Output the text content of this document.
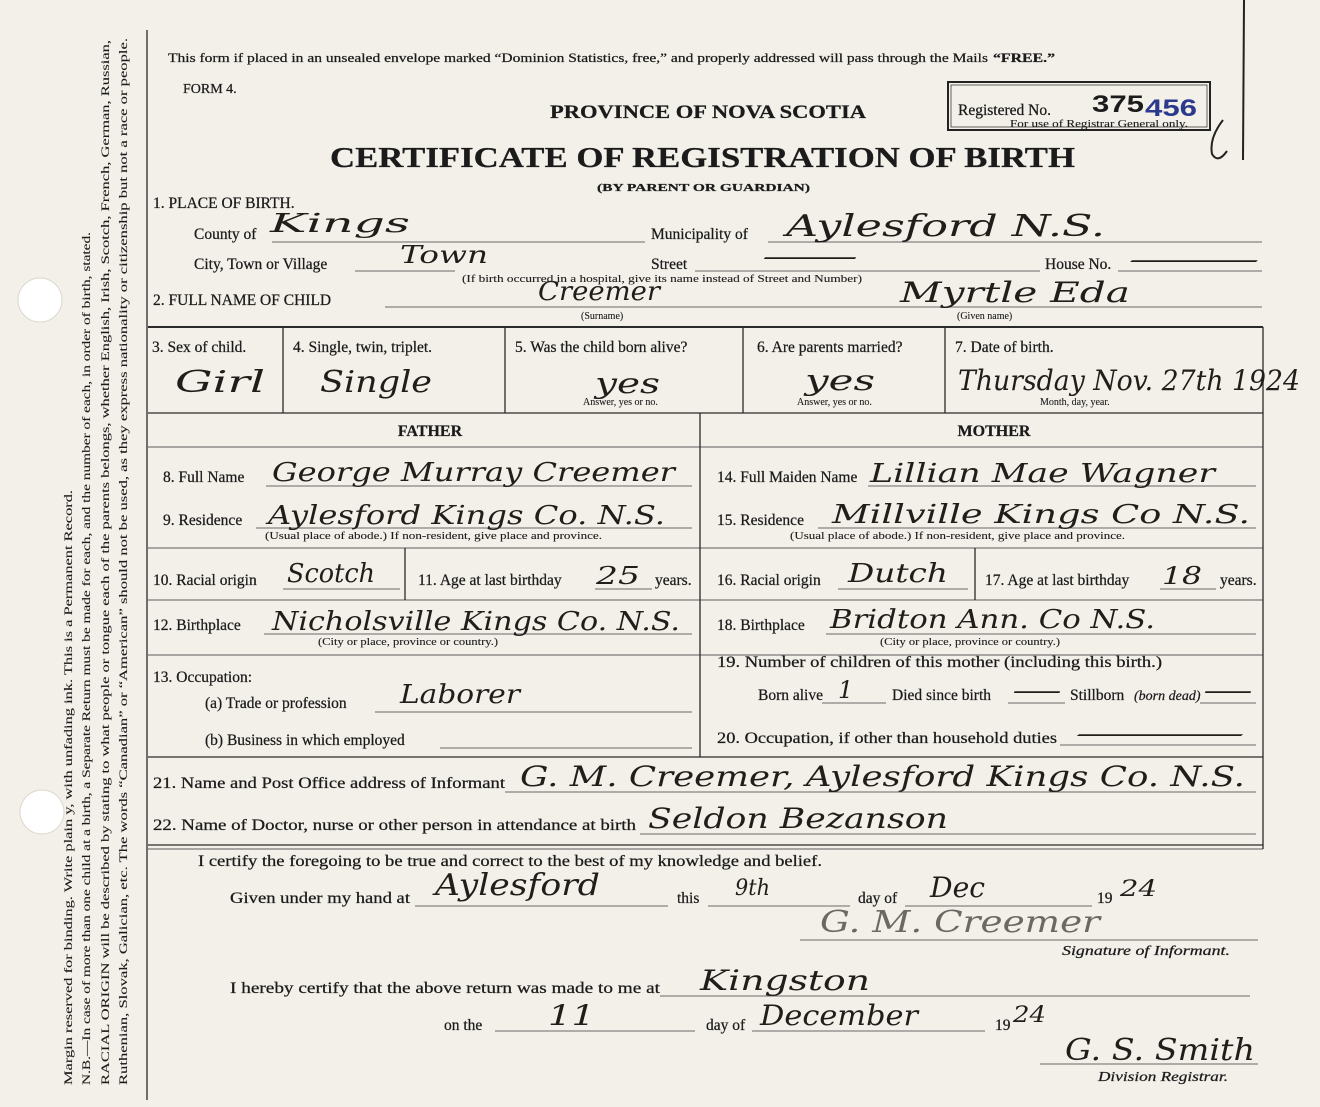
Margin reserved for binding. Write plain y, with unfading ink. This is a Permanent Record. N.B.—In case of more than one child at a birth, a Separate Return must be made for each, and the number of each, in order of birth, stated. RACIAL ORIGIN will be described by stating to what people or tongue each of the parents belongs, whether English, Irish, Scotch, French, German, Russian, Ruthenian, Slovak, Galician, etc. The words “Canadian” or “American” should not be used, as they express nationality or citizenship but not a race or people.
This form if placed in an unsealed envelope marked “Dominion Statistics, free,” and properly addressed will pass through the Mails “FREE.”
FORM 4.
PROVINCE OF NOVA SCOTIA	Registered No. 375 456
For use of Registrar General only.
CERTIFICATE OF REGISTRATION OF BIRTH
(BY PARENT OR GUARDIAN)
1. PLACE OF BIRTH.
County of Kings	Municipality of Aylesford N.S.
City, Town or Village	Town	Street	—	House No. —
(If birth occurred in a hospital, give its name instead of Street and Number)
2. FULL NAME OF CHILD	Creemer
(Surname)
Myrtle Eda
(Given name)
3. Sex of child.
Girl
4. Single, twin, triplet.
Single
5. Was the child born alive?
yes
Answer, yes or no.
6. Are parents married?
yes
Answer, yes or no.
7. Date of birth.
Thursday Nov. 27th 1924
Month, day, year.
FATHER
8. Full Name George Murray Creemer
9. Residence Aylesford Kings Co. N.S.
(Usual place of abode.) If non-resident, give place and province.
10. Racial origin Scotch	11. Age at last birthday 25 years.
12. Birthplace Nicholsville Kings Co. N.S.
(City or place, province or country.)
13. Occupation:
(a) Trade or profession Laborer
(b) Business in which employed
MOTHER
14. Full Maiden Name Lillian Mae Wagner
15. Residence Millville Kings Co N.S.
(Usual place of abode.) If non-resident, give place and province.
16. Racial origin Dutch 17. Age at last birthday 18 years.
18. Birthplace Bridton Ann. Co N.S.
(City or place, province or country.)
19. Number of children of this mother (including this birth.)
Born alive 1 Died since birth — Stillborn (born dead) —
20. Occupation, if other than household duties —
21. Name and Post Office address of Informant G. M. Creemer, Aylesford Kings Co. N.S.
22. Name of Doctor, nurse or other person in attendance at birth Seldon Bezanson
I certify the foregoing to be true and correct to the best of my knowledge and belief.
Given under my hand at Aylesford	this 9th	day of Dec	19 24
G. M. Creemer
Signature of Informant.
I hereby certify that the above return was made to me at Kingston
on the 11	day of December	19 24
G. S. Smith
Division Registrar.
